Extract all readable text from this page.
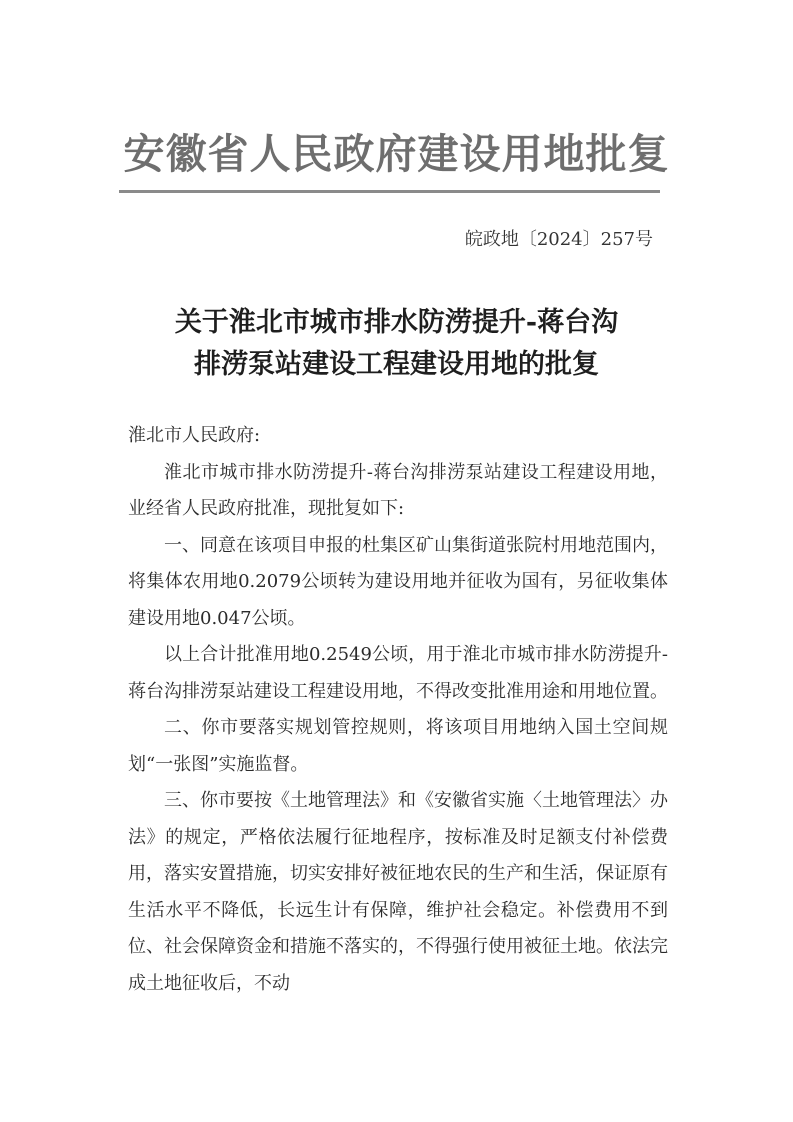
安徽省人民政府建设用地批复
皖政地〔2024〕257号
关于淮北市城市排水防涝提升-蒋台沟
排涝泵站建设工程建设用地的批复

淮北市人民政府:

淮北市城市排水防涝提升-蒋台沟排涝泵站建设工程建设用地，业经省人民政府批准，现批复如下:

一、同意在该项目申报的杜集区矿山集街道张院村用地范围内，将集体农用地0.2079公顷转为建设用地并征收为国有，另征收集体建设用地0.047公顷。

以上合计批准用地0.2549公顷，用于淮北市城市排水防涝提升-蒋台沟排涝泵站建设工程建设用地，不得改变批准用途和用地位置。

二、你市要落实规划管控规则，将该项目用地纳入国土空间规划“一张图”实施监督。

三、你市要按《土地管理法》和《安徽省实施〈土地管理法〉办法》的规定，严格依法履行征地程序，按标准及时足额支付补偿费用，落实安置措施，切实安排好被征地农民的生产和生活，保证原有生活水平不降低，长远生计有保障，维护社会稳定。补偿费用不到位、社会保障资金和措施不落实的，不得强行使用被征土地。依法完成土地征收后，不动
